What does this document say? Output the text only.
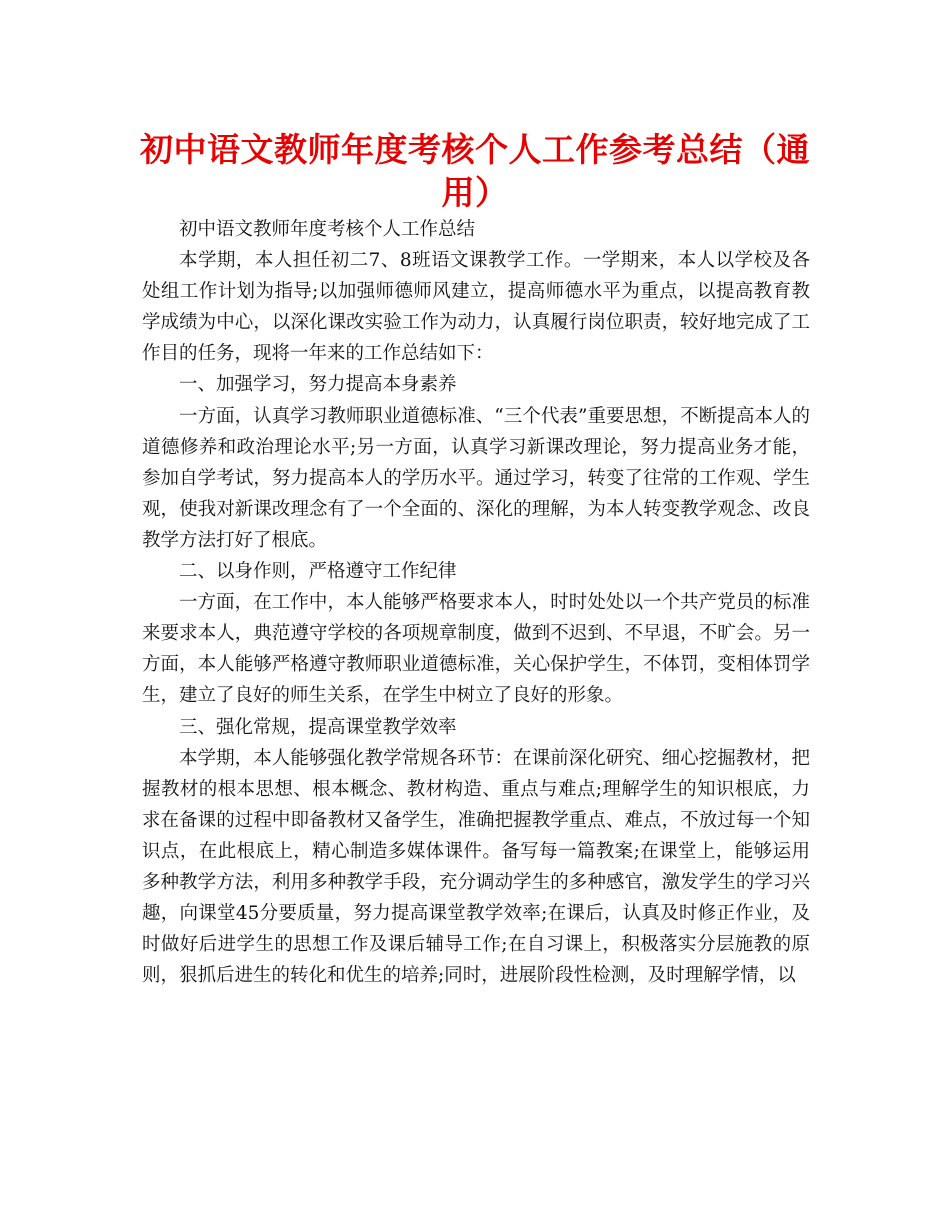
初中语文教师年度考核个人工作参考总结（通用）

初中语文教师年度考核个人工作总结

本学期，本人担任初二7、8班语文课教学工作。一学期来，本人以学校及各处组工作计划为指导;以加强师德师风建立，提高师德水平为重点，以提高教育教学成绩为中心，以深化课改实验工作为动力，认真履行岗位职责，较好地完成了工作目的任务，现将一年来的工作总结如下：

一、加强学习，努力提高本身素养

一方面，认真学习教师职业道德标准、“三个代表”重要思想，不断提高本人的道德修养和政治理论水平;另一方面，认真学习新课改理论，努力提高业务才能，参加自学考试，努力提高本人的学历水平。通过学习，转变了往常的工作观、学生观，使我对新课改理念有了一个全面的、深化的理解，为本人转变教学观念、改良教学方法打好了根底。

二、以身作则，严格遵守工作纪律

一方面，在工作中，本人能够严格要求本人，时时处处以一个共产党员的标准来要求本人，典范遵守学校的各项规章制度，做到不迟到、不早退，不旷会。另一方面，本人能够严格遵守教师职业道德标准，关心保护学生，不体罚，变相体罚学生，建立了良好的师生关系，在学生中树立了良好的形象。

三、强化常规，提高课堂教学效率

本学期，本人能够强化教学常规各环节：在课前深化研究、细心挖掘教材，把握教材的根本思想、根本概念、教材构造、重点与难点;理解学生的知识根底，力求在备课的过程中即备教材又备学生，准确把握教学重点、难点，不放过每一个知识点，在此根底上，精心制造多媒体课件。备写每一篇教案;在课堂上，能够运用多种教学方法，利用多种教学手段，充分调动学生的多种感官，激发学生的学习兴趣，向课堂45分要质量，努力提高课堂教学效率;在课后，认真及时修正作业，及时做好后进学生的思想工作及课后辅导工作;在自习课上，积极落实分层施教的原则，狠抓后进生的转化和优生的培养;同时，进展阶段性检测，及时理解学情，以
